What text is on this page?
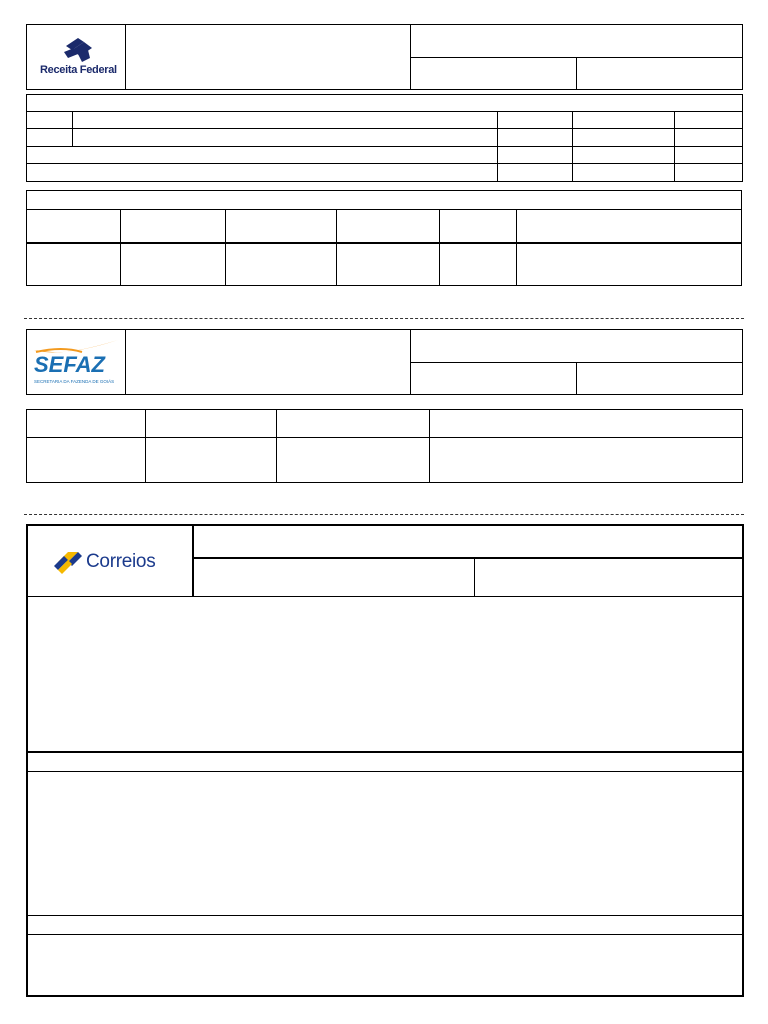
Receita Federal
SEFAZ
SECRETARIA DA FAZENDA DE GOIÁS
Correios
